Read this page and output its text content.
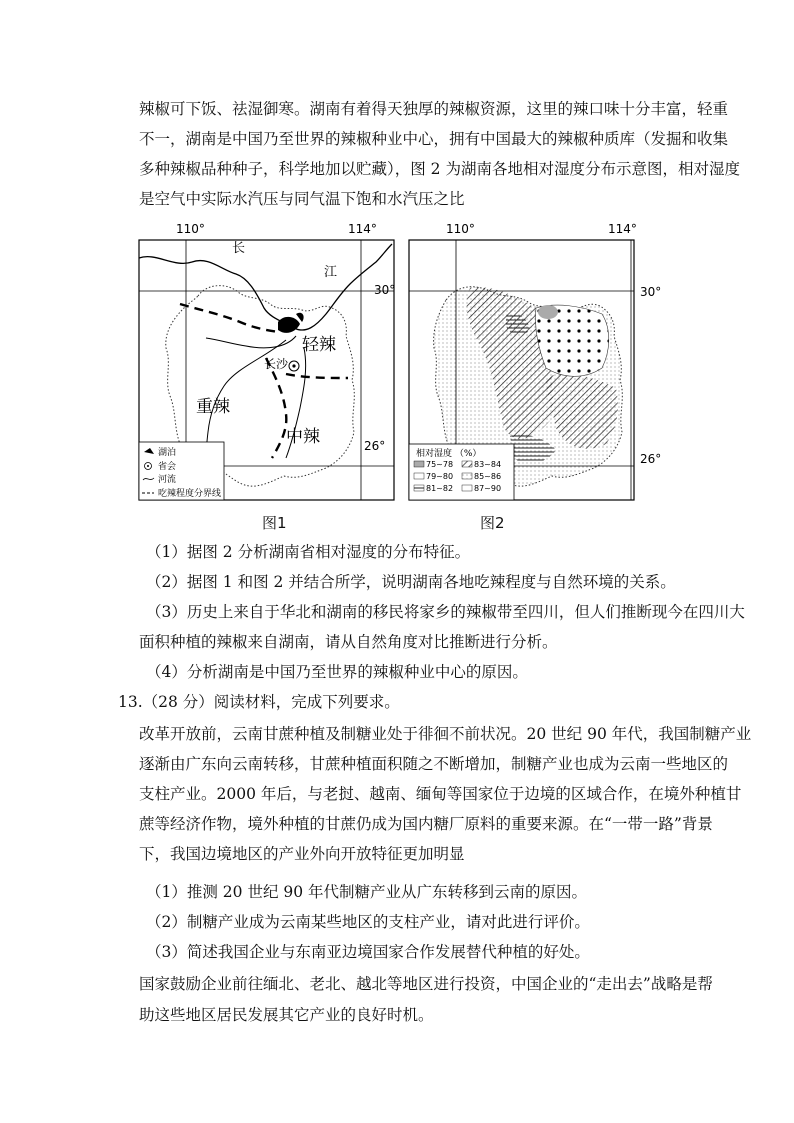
辣椒可下饭、祛湿御寒。湖南有着得天独厚的辣椒资源，这里的辣口味十分丰富，轻重

不一，湖南是中国乃至世界的辣椒种业中心，拥有中国最大的辣椒种质库（发掘和收集

多种辣椒品种种子，科学地加以贮藏），图 2 为湖南各地相对湿度分布示意图，相对湿度

是空气中实际水汽压与同气温下饱和水汽压之比

110°	114°
26°
长
江
长沙
轻辣
重辣
中辣
湖泊
省会
河流
吃辣程度分界线
30°
图1
110°	114°
30°
26°
相对湿度 （%）
75~78	83~84
79~80	85~86
81~82	87~90
图2

（1）据图 2 分析湖南省相对湿度的分布特征。

（2）据图 1 和图 2 并结合所学，说明湖南各地吃辣程度与自然环境的关系。

（3）历史上来自于华北和湖南的移民将家乡的辣椒带至四川，但人们推断现今在四川大

面积种植的辣椒来自湖南，请从自然角度对比推断进行分析。

（4）分析湖南是中国乃至世界的辣椒种业中心的原因。

13.（28 分）阅读材料，完成下列要求。

改革开放前，云南甘蔗种植及制糖业处于徘徊不前状况。20 世纪 90 年代，我国制糖产业

逐渐由广东向云南转移，甘蔗种植面积随之不断增加，制糖产业也成为云南一些地区的

支柱产业。2000 年后，与老挝、越南、缅甸等国家位于边境的区域合作，在境外种植甘

蔗等经济作物，境外种植的甘蔗仍成为国内糖厂原料的重要来源。在“一带一路”背景

下，我国边境地区的产业外向开放特征更加明显

（1）推测 20 世纪 90 年代制糖产业从广东转移到云南的原因。

（2）制糖产业成为云南某些地区的支柱产业，请对此进行评价。

（3）简述我国企业与东南亚边境国家合作发展替代种植的好处。

国家鼓励企业前往缅北、老北、越北等地区进行投资，中国企业的“走出去”战略是帮

助这些地区居民发展其它产业的良好时机。
